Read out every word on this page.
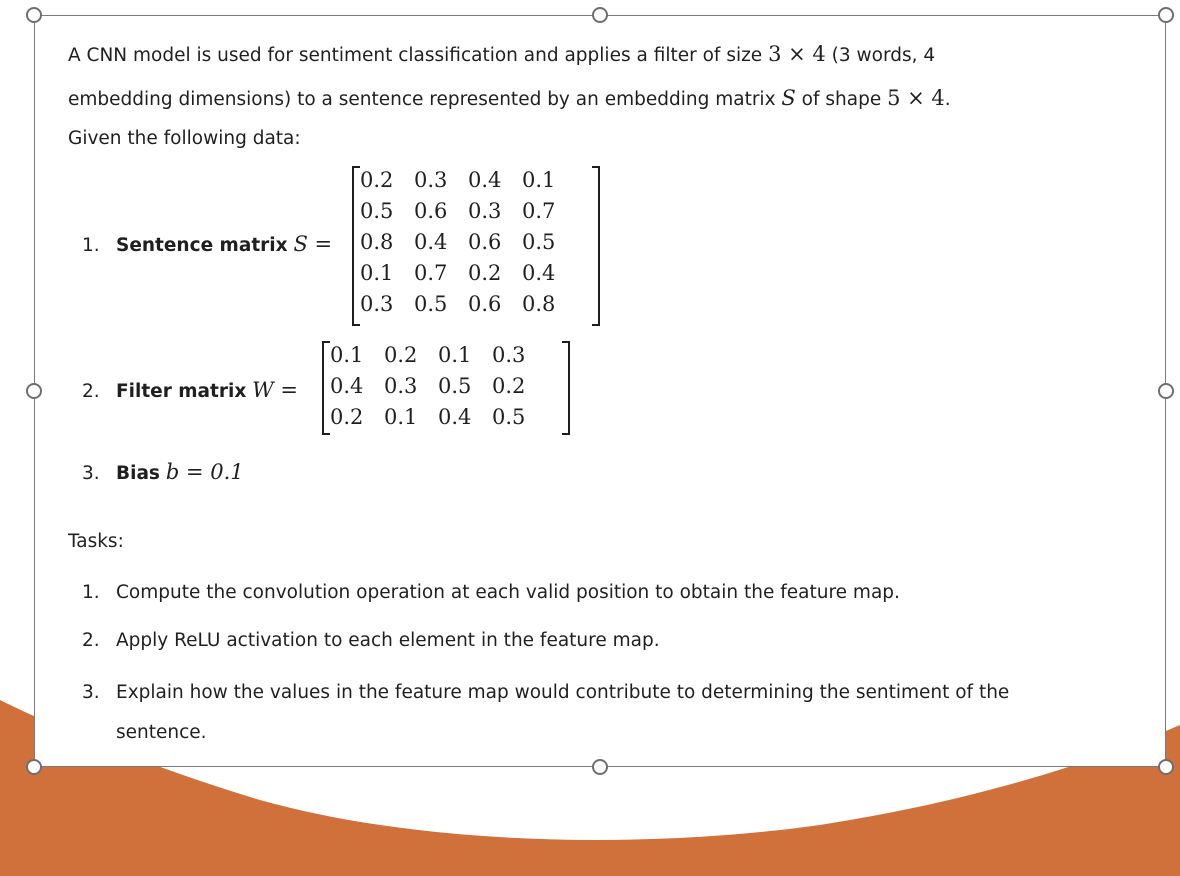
A CNN model is used for sentiment classification and applies a filter of size 3 × 4 (3 words, 4
embedding dimensions) to a sentence represented by an embedding matrix S of shape 5 × 4.
Given the following data:
1. Sentence matrix S =
0.2 0.3 0.4 0.1
0.5 0.6 0.3 0.7
0.8 0.4 0.6 0.5
0.1 0.7 0.2 0.4
0.3 0.5 0.6 0.8
2. Filter matrix W =
0.1 0.2 0.1 0.3
0.4 0.3 0.5 0.2
0.2 0.1 0.4 0.5
3. Bias b = 0.1
Tasks:
1. Compute the convolution operation at each valid position to obtain the feature map.
2. Apply ReLU activation to each element in the feature map.
3. Explain how the values in the feature map would contribute to determining the sentiment of the
sentence.
